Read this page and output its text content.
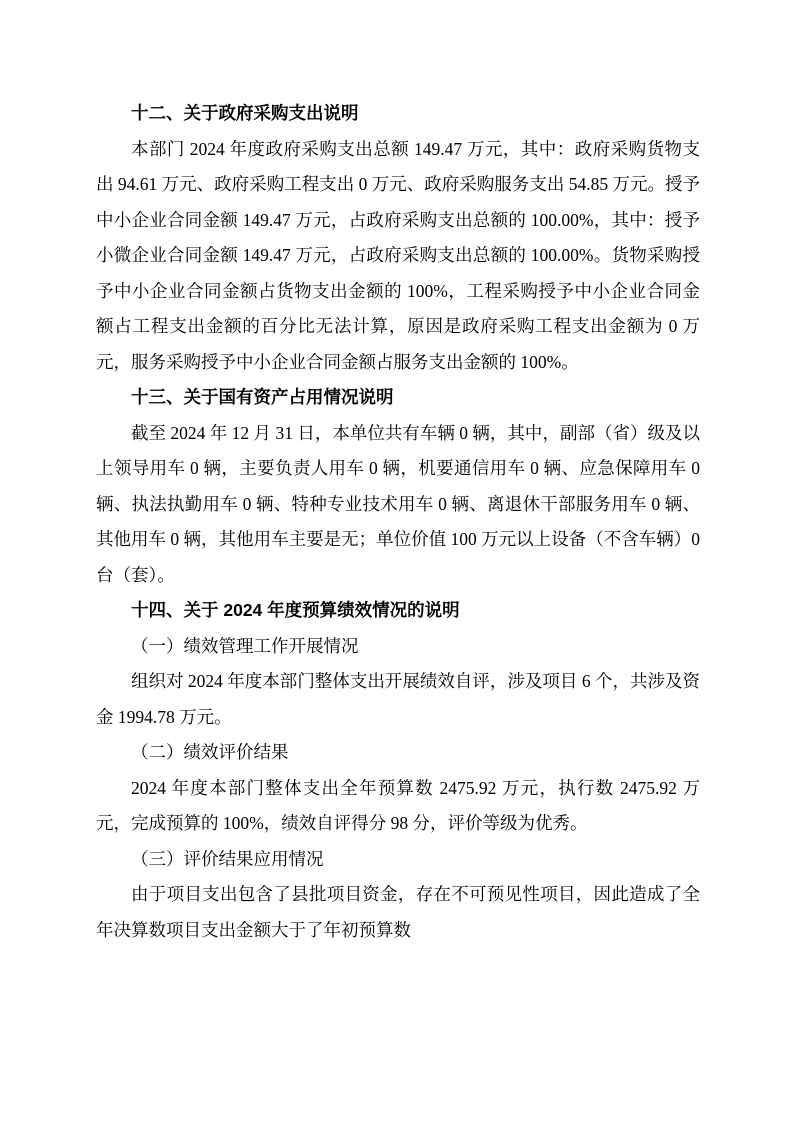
十二、关于政府采购支出说明

本部门 2024 年度政府采购支出总额 149.47 万元，其中：政府采购货物支出 94.61 万元、政府采购工程支出 0 万元、政府采购服务支出 54.85 万元。授予中小企业合同金额 149.47 万元，占政府采购支出总额的 100.00%，其中：授予小微企业合同金额 149.47 万元，占政府采购支出总额的 100.00%。货物采购授予中小企业合同金额占货物支出金额的 100%，工程采购授予中小企业合同金额占工程支出金额的百分比无法计算，原因是政府采购工程支出金额为 0 万元，服务采购授予中小企业合同金额占服务支出金额的 100%。

十三、关于国有资产占用情况说明

截至 2024 年 12 月 31 日，本单位共有车辆 0 辆，其中，副部（省）级及以上领导用车 0 辆，主要负责人用车 0 辆，机要通信用车 0 辆、应急保障用车 0 辆、执法执勤用车 0 辆、特种专业技术用车 0 辆、离退休干部服务用车 0 辆、其他用车 0 辆，其他用车主要是无；单位价值 100 万元以上设备（不含车辆）0 台（套）。

十四、关于 2024 年度预算绩效情况的说明
（一）绩效管理工作开展情况

组织对 2024 年度本部门整体支出开展绩效自评，涉及项目 6 个，共涉及资金 1994.78 万元。

（二）绩效评价结果

2024 年度本部门整体支出全年预算数 2475.92 万元，执行数 2475.92 万元，完成预算的 100%，绩效自评得分 98 分，评价等级为优秀。

（三）评价结果应用情况

由于项目支出包含了县批项目资金，存在不可预见性项目，因此造成了全年决算数项目支出金额大于了年初预算数
